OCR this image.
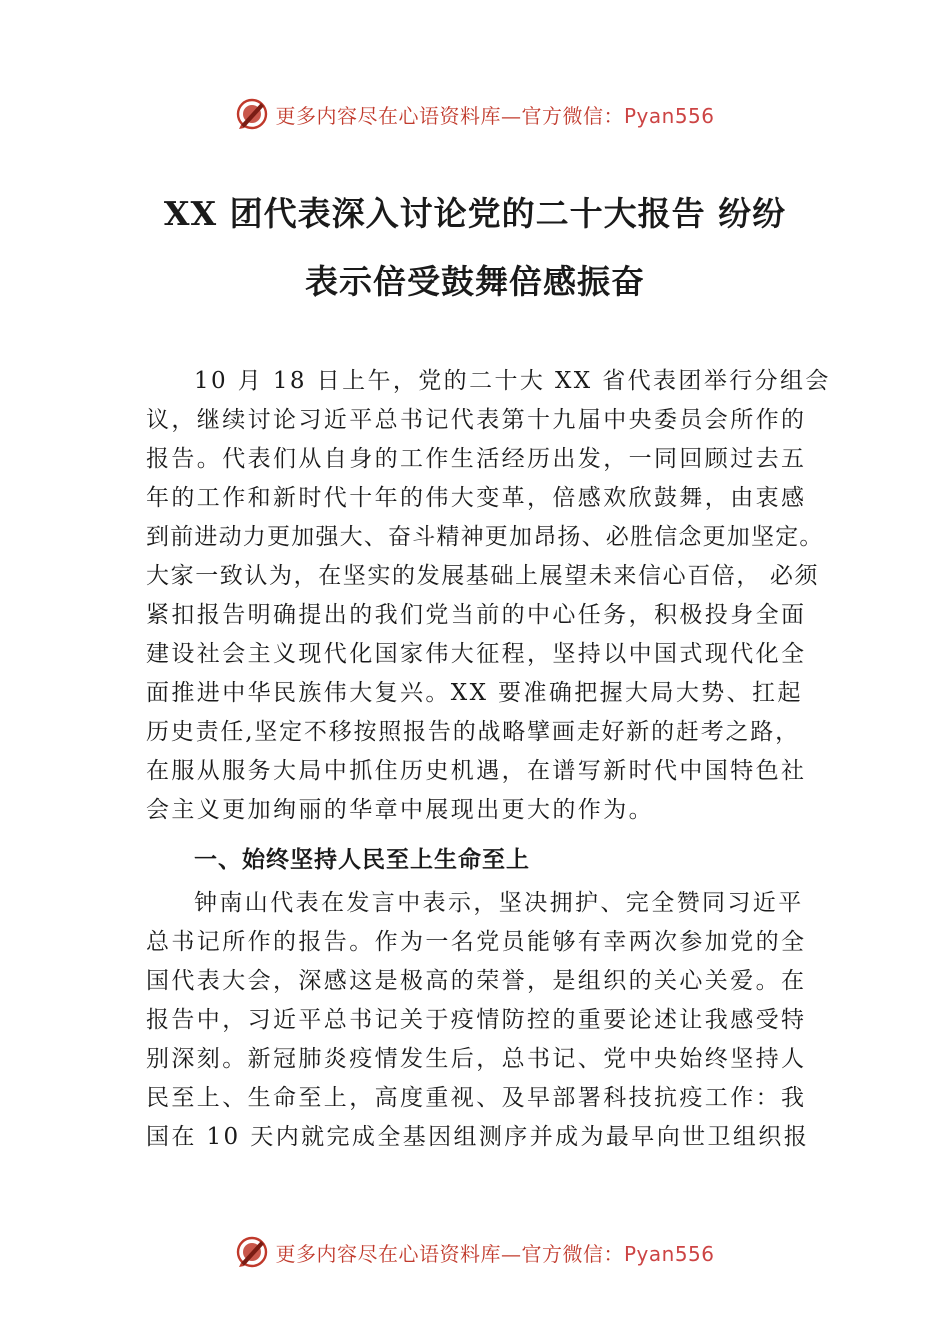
更多内容尽在心语资料库—官方微信：Pyan556
XX 团代表深入讨论党的二十大报告 纷纷
表示倍受鼓舞倍感振奋
10 月 18 日上午，党的二十大 XX 省代表团举行分组会
议，继续讨论习近平总书记代表第十九届中央委员会所作的
报告。代表们从自身的工作生活经历出发，一同回顾过去五
年的工作和新时代十年的伟大变革，倍感欢欣鼓舞，由衷感
到前进动力更加强大、奋斗精神更加昂扬、必胜信念更加坚定。
大家一致认为，在坚实的发展基础上展望未来信心百倍， 必须
紧扣报告明确提出的我们党当前的中心任务，积极投身全面
建设社会主义现代化国家伟大征程，坚持以中国式现代化全
面推进中华民族伟大复兴。XX 要准确把握大局大势、扛起
历史责任,坚定不移按照报告的战略擘画走好新的赶考之路，
在服从服务大局中抓住历史机遇，在谱写新时代中国特色社
会主义更加绚丽的华章中展现出更大的作为。
一、始终坚持人民至上生命至上
钟南山代表在发言中表示，坚决拥护、完全赞同习近平
总书记所作的报告。作为一名党员能够有幸两次参加党的全
国代表大会，深感这是极高的荣誉，是组织的关心关爱。在
报告中，习近平总书记关于疫情防控的重要论述让我感受特
别深刻。新冠肺炎疫情发生后，总书记、党中央始终坚持人
民至上、生命至上，高度重视、及早部署科技抗疫工作：我
国在 10 天内就完成全基因组测序并成为最早向世卫组织报
更多内容尽在心语资料库—官方微信：Pyan556
